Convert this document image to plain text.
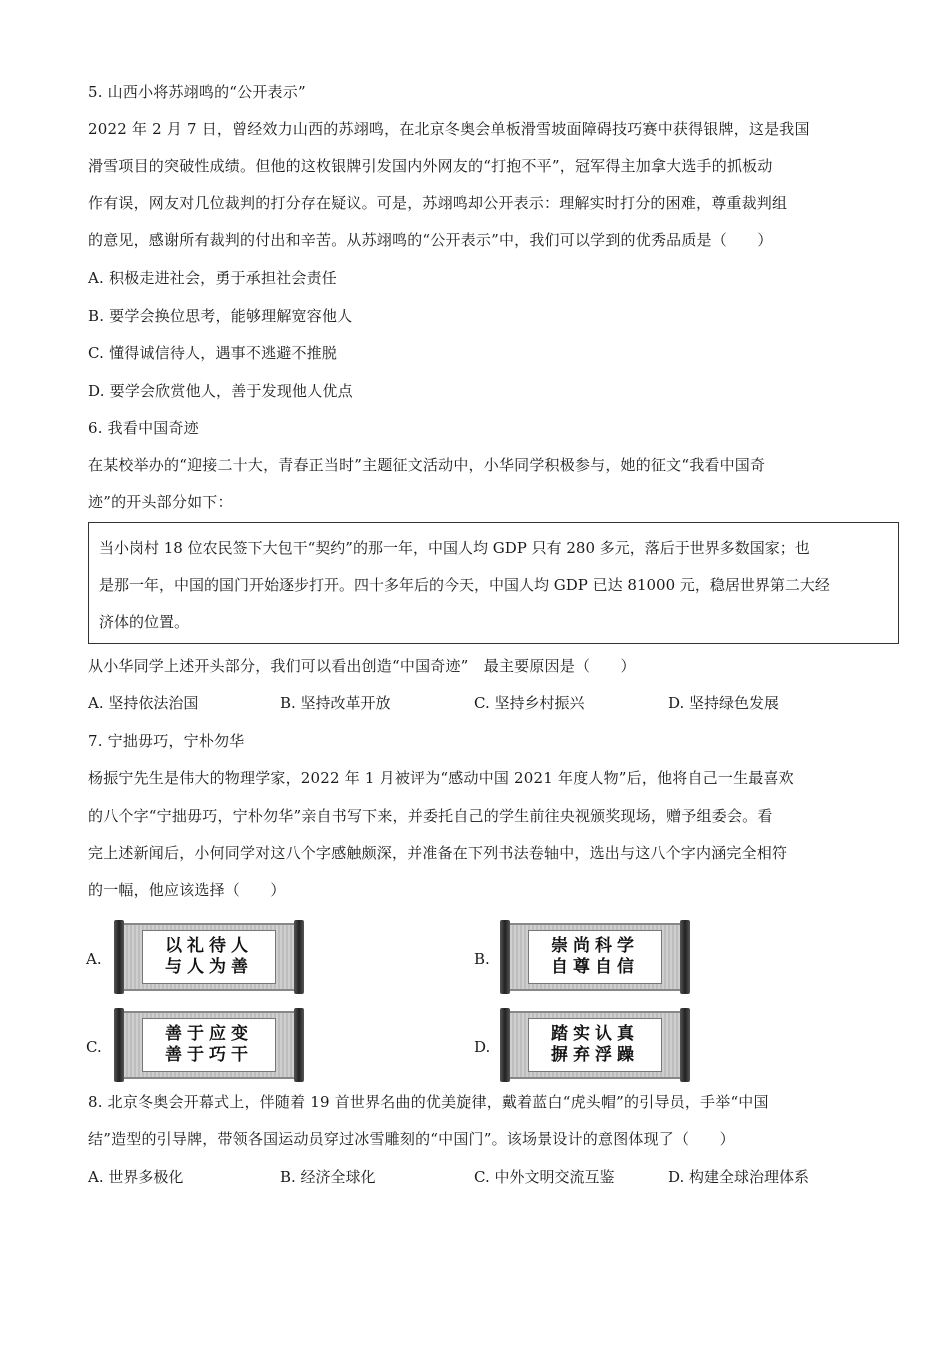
5. 山西小将苏翊鸣的“公开表示”
2022 年 2 月 7 日，曾经效力山西的苏翊鸣，在北京冬奥会单板滑雪坡面障碍技巧赛中获得银牌，这是我国
滑雪项目的突破性成绩。但他的这枚银牌引发国内外网友的“打抱不平”，冠军得主加拿大选手的抓板动
作有误，网友对几位裁判的打分存在疑议。可是，苏翊鸣却公开表示：理解实时打分的困难，尊重裁判组
的意见，感谢所有裁判的付出和辛苦。从苏翊鸣的“公开表示”中，我们可以学到的优秀品质是（　　）
A. 积极走进社会，勇于承担社会责任
B. 要学会换位思考，能够理解宽容他人
C. 懂得诚信待人，遇事不逃避不推脱
D. 要学会欣赏他人，善于发现他人优点
6. 我看中国奇迹
在某校举办的“迎接二十大，青春正当时”主题征文活动中，小华同学积极参与，她的征文“我看中国奇
迹”的开头部分如下：
当小岗村 18 位农民签下大包干“契约”的那一年，中国人均 GDP 只有 280 多元，落后于世界多数国家；也
是那一年，中国的国门开始逐步打开。四十多年后的今天，中国人均 GDP 已达 81000 元，稳居世界第二大经
济体的位置。
从小华同学上述开头部分，我们可以看出创造“中国奇迹”　最主要原因是（　　）
A. 坚持依法治国	B. 坚持改革开放	C. 坚持乡村振兴	D. 坚持绿色发展
7. 宁拙毋巧，宁朴勿华
杨振宁先生是伟大的物理学家，2022 年 1 月被评为“感动中国 2021 年度人物”后，他将自己一生最喜欢
的八个字“宁拙毋巧，宁朴勿华”亲自书写下来，并委托自己的学生前往央视颁奖现场，赠予组委会。看
完上述新闻后，小何同学对这八个字感触颇深，并准备在下列书法卷轴中，选出与这八个字内涵完全相符
的一幅，他应该选择（　　）
A.
以礼待人
与人为善	B.
崇尚科学
自尊自信
C.
善于应变
善于巧干	D.
踏实认真
摒弃浮躁
8. 北京冬奥会开幕式上，伴随着 19 首世界名曲的优美旋律，戴着蓝白“虎头帽”的引导员，手举“中国
结”造型的引导牌，带领各国运动员穿过冰雪雕刻的“中国门”。该场景设计的意图体现了（　　）
A. 世界多极化	B. 经济全球化	C. 中外文明交流互鉴	D. 构建全球治理体系
